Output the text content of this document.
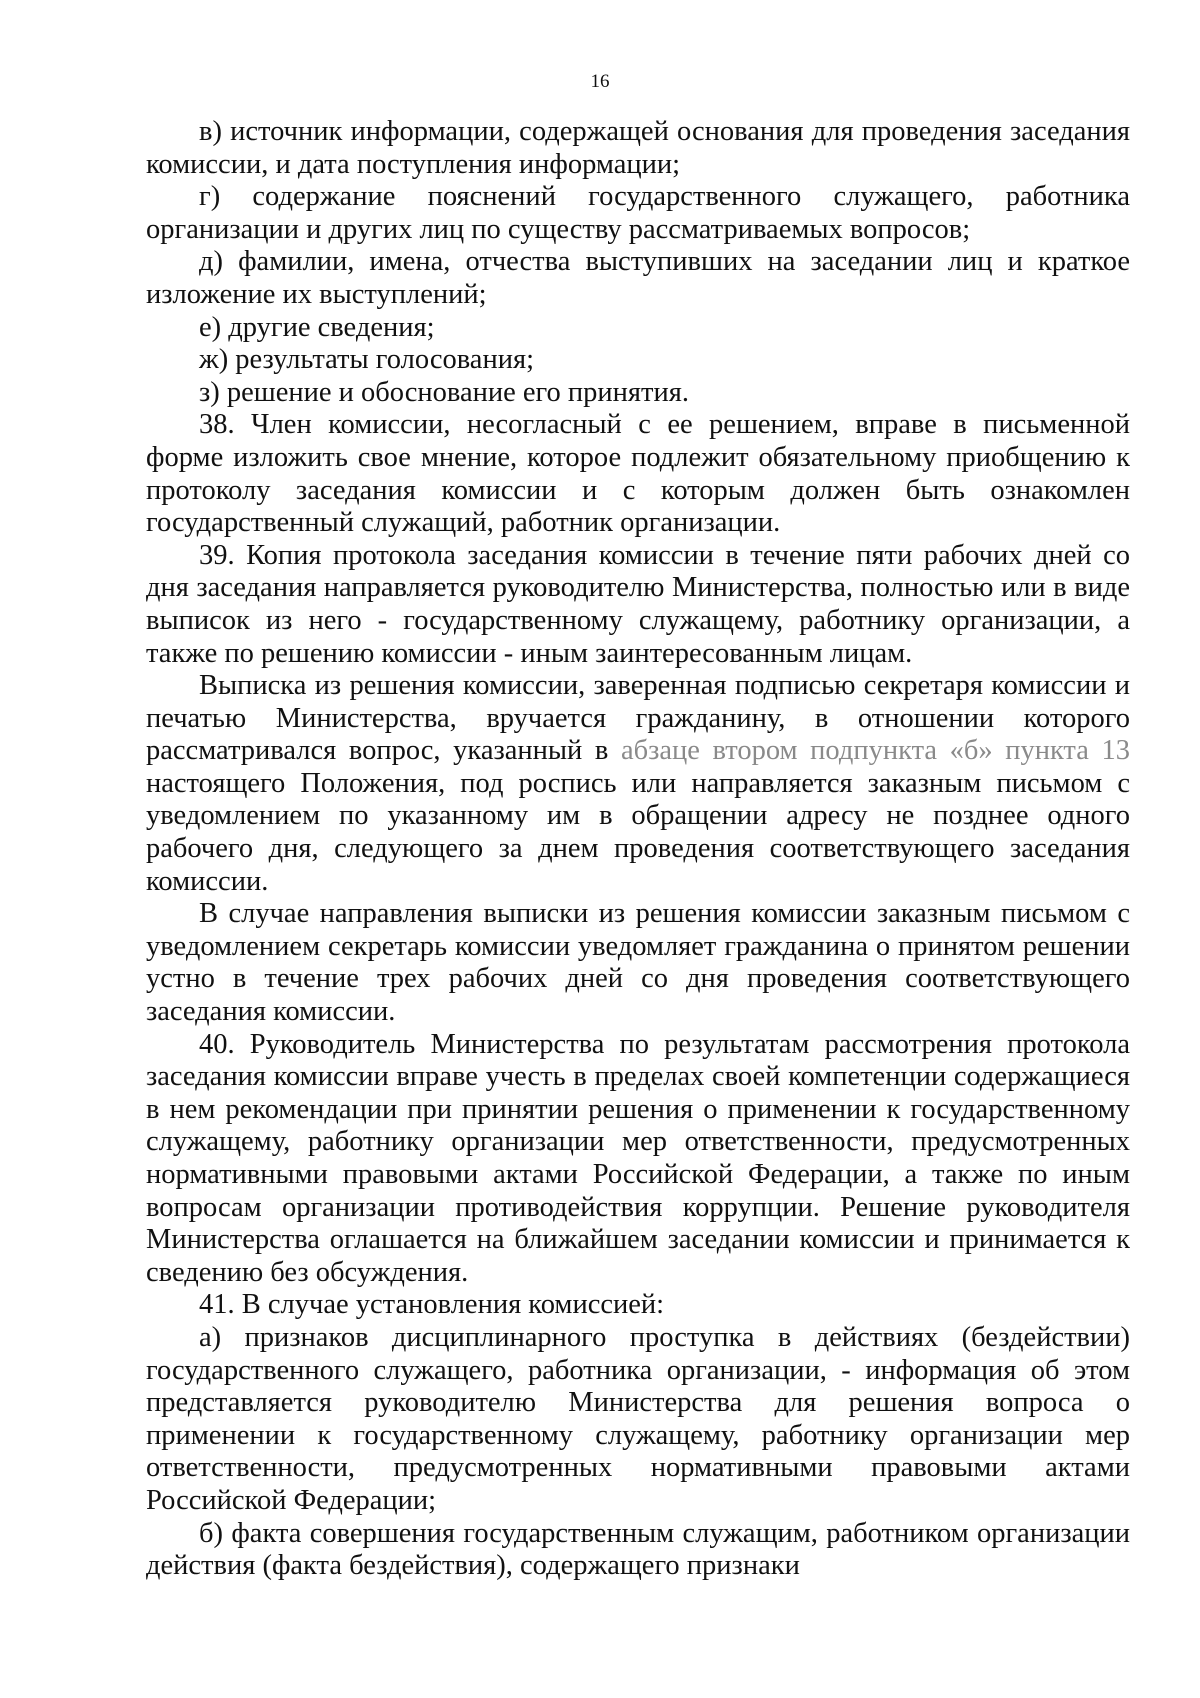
16

в) источник информации, содержащей основания для проведения заседания комиссии, и дата поступления информации;

г) содержание пояснений государственного служащего, работника организации и других лиц по существу рассматриваемых вопросов;

д) фамилии, имена, отчества выступивших на заседании лиц и краткое изложение их выступлений;

е) другие сведения;

ж) результаты голосования;

з) решение и обоснование его принятия.

38. Член комиссии, несогласный с ее решением, вправе в письменной форме изложить свое мнение, которое подлежит обязательному приобщению к протоколу заседания комиссии и с которым должен быть ознакомлен государственный служащий, работник организации.

39. Копия протокола заседания комиссии в течение пяти рабочих дней со дня заседания направляется руководителю Министерства, полностью или в виде выписок из него - государственному служащему, работнику организации, а также по решению комиссии - иным заинтересованным лицам.

Выписка из решения комиссии, заверенная подписью секретаря комиссии и печатью Министерства, вручается гражданину, в отношении которого рассматривался вопрос, указанный в абзаце втором подпункта «б» пункта 13 настоящего Положения, под роспись или направляется заказным письмом с уведомлением по указанному им в обращении адресу не позднее одного рабочего дня, следующего за днем проведения соответствующего заседания комиссии.

В случае направления выписки из решения комиссии заказным письмом с уведомлением секретарь комиссии уведомляет гражданина о принятом решении устно в течение трех рабочих дней со дня проведения соответствующего заседания комиссии.

40. Руководитель Министерства по результатам рассмотрения протокола заседания комиссии вправе учесть в пределах своей компетенции содержащиеся в нем рекомендации при принятии решения о применении к государственному служащему, работнику организации мер ответственности, предусмотренных нормативными правовыми актами Российской Федерации, а также по иным вопросам организации противодействия коррупции. Решение руководителя Министерства оглашается на ближайшем заседании комиссии и принимается к сведению без обсуждения.

41. В случае установления комиссией:

а) признаков дисциплинарного проступка в действиях (бездействии) государственного служащего, работника организации, - информация об этом представляется руководителю Министерства для решения вопроса о применении к государственному служащему, работнику организации мер ответственности, предусмотренных нормативными правовыми актами Российской Федерации;

б) факта совершения государственным служащим, работником организации действия (факта бездействия), содержащего признаки
